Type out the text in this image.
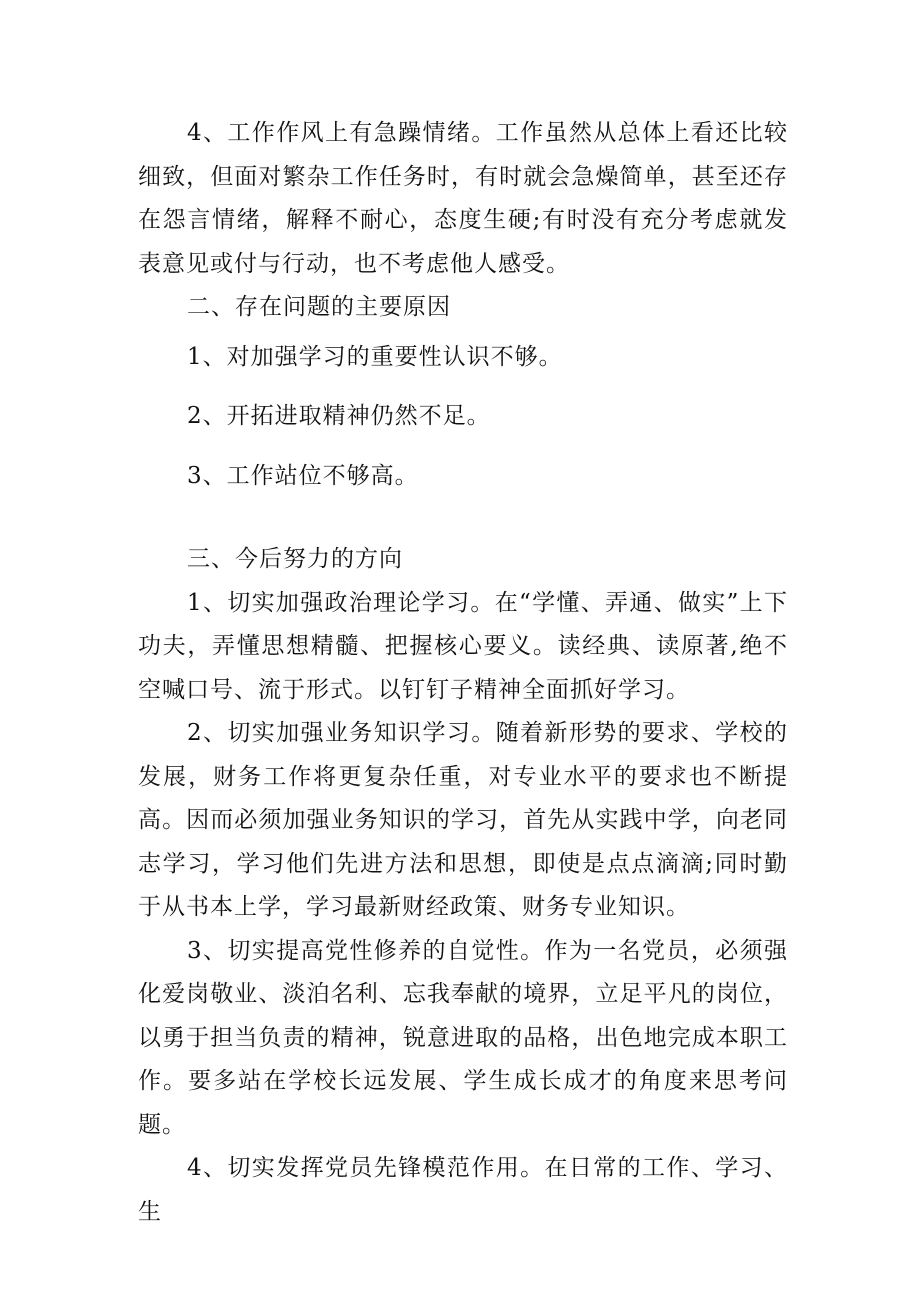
4、工作作风上有急躁情绪。工作虽然从总体上看还比较细致，但面对繁杂工作任务时，有时就会急燥简单，甚至还存在怨言情绪，解释不耐心，态度生硬;有时没有充分考虑就发表意见或付与行动，也不考虑他人感受。

二、存在问题的主要原因

1、对加强学习的重要性认识不够。

2、开拓进取精神仍然不足。

3、工作站位不够高。

三、今后努力的方向

1、切实加强政治理论学习。在“学懂、弄通、做实”上下功夫，弄懂思想精髓、把握核心要义。读经典、读原著,绝不空喊口号、流于形式。以钉钉子精神全面抓好学习。

2、切实加强业务知识学习。随着新形势的要求、学校的发展，财务工作将更复杂任重，对专业水平的要求也不断提高。因而必须加强业务知识的学习，首先从实践中学，向老同志学习，学习他们先进方法和思想，即使是点点滴滴;同时勤于从书本上学，学习最新财经政策、财务专业知识。

3、切实提高党性修养的自觉性。作为一名党员，必须强化爱岗敬业、淡泊名利、忘我奉献的境界，立足平凡的岗位，以勇于担当负责的精神，锐意进取的品格，出色地完成本职工作。要多站在学校长远发展、学生成长成才的角度来思考问题。

4、切实发挥党员先锋模范作用。在日常的工作、学习、生
